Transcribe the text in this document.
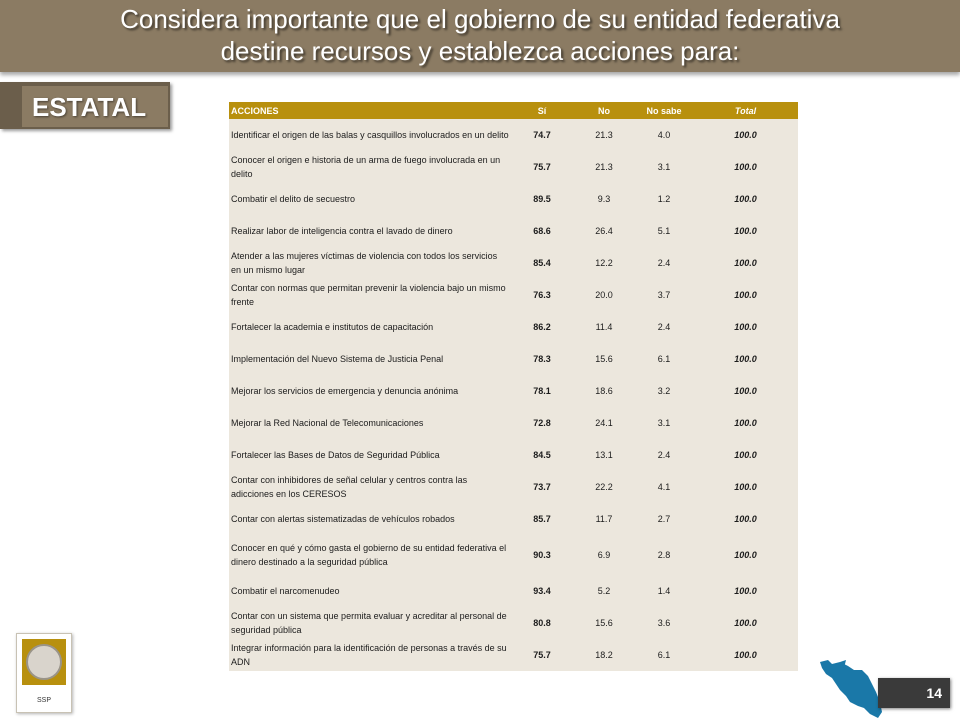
Considera importante que el gobierno de su entidad federativa
destine recursos y establezca acciones para:
ESTATAL	ACCIONES	Sí	No	No sabe	Total
Identificar el origen de las balas y casquillos involucrados en un delito	74.7	21.3	4.0	100.0
Conocer el origen e historia de un arma de fuego involucrada en un delito	75.7	21.3	3.1	100.0
Combatir el delito de secuestro	89.5	9.3	1.2	100.0
Realizar labor de inteligencia contra el lavado de dinero	68.6	26.4	5.1	100.0
Atender a las mujeres víctimas de violencia con todos los servicios en un mismo lugar	85.4	12.2	2.4	100.0
Contar con normas que permitan prevenir la violencia bajo un mismo frente	76.3	20.0	3.7	100.0
Fortalecer la academia e institutos de capacitación	86.2	11.4	2.4	100.0
Implementación del Nuevo Sistema de Justicia Penal	78.3	15.6	6.1	100.0
Mejorar los servicios de emergencia y denuncia anónima	78.1	18.6	3.2	100.0
Mejorar la Red Nacional de Telecomunicaciones	72.8	24.1	3.1	100.0
Fortalecer las Bases de Datos de Seguridad Pública	84.5	13.1	2.4	100.0
Contar con inhibidores de señal celular y centros contra las adicciones en los CERESOS	73.7	22.2	4.1	100.0
Contar con alertas sistematizadas de vehículos robados	85.7	11.7	2.7	100.0
Conocer en qué y cómo gasta el gobierno de su entidad federativa el dinero destinado a la seguridad pública	90.3	6.9	2.8	100.0
Combatir el narcomenudeo	93.4	5.2	1.4	100.0
Contar con un sistema que permita evaluar y acreditar al personal de seguridad pública	80.8	15.6	3.6	100.0
Integrar información para la identificación de personas a través de su ADN	75.7	18.2	6.1	100.0
SSP	14
